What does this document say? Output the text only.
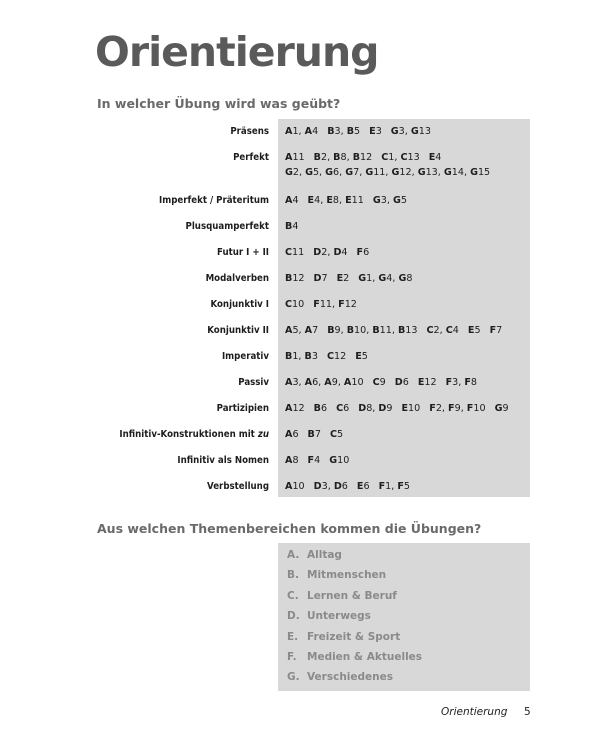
Orientierung
In welcher Übung wird was geübt?
Präsens A1, A4 B3, B5 E3 G3, G13
Perfekt A11 B2, B8, B12 C1, C13 E4
G2, G5, G6, G7, G11, G12, G13, G14, G15
Imperfekt / Präteritum A4 E4, E8, E11 G3, G5
Plusquamperfekt B4
Futur I + II C11 D2, D4 F6
Modalverben B12 D7 E2 G1, G4, G8
Konjunktiv I C10 F11, F12
Konjunktiv II A5, A7 B9, B10, B11, B13 C2, C4 E5 F7
Imperativ B1, B3 C12 E5
Passiv A3, A6, A9, A10 C9 D6 E12 F3, F8
Partizipien A12 B6 C6 D8, D9 E10 F2, F9, F10 G9
Infinitiv-Konstruktionen mit zu A6 B7 C5
Infinitiv als Nomen A8 F4 G10
Verbstellung A10 D3, D6 E6 F1, F5
Aus welchen Themenbereichen kommen die Übungen?
A. Alltag
B. Mitmenschen
C. Lernen & Beruf
D. Unterwegs
E. Freizeit & Sport
F. Medien & Aktuelles
G. Verschiedenes
Orientierung 5
